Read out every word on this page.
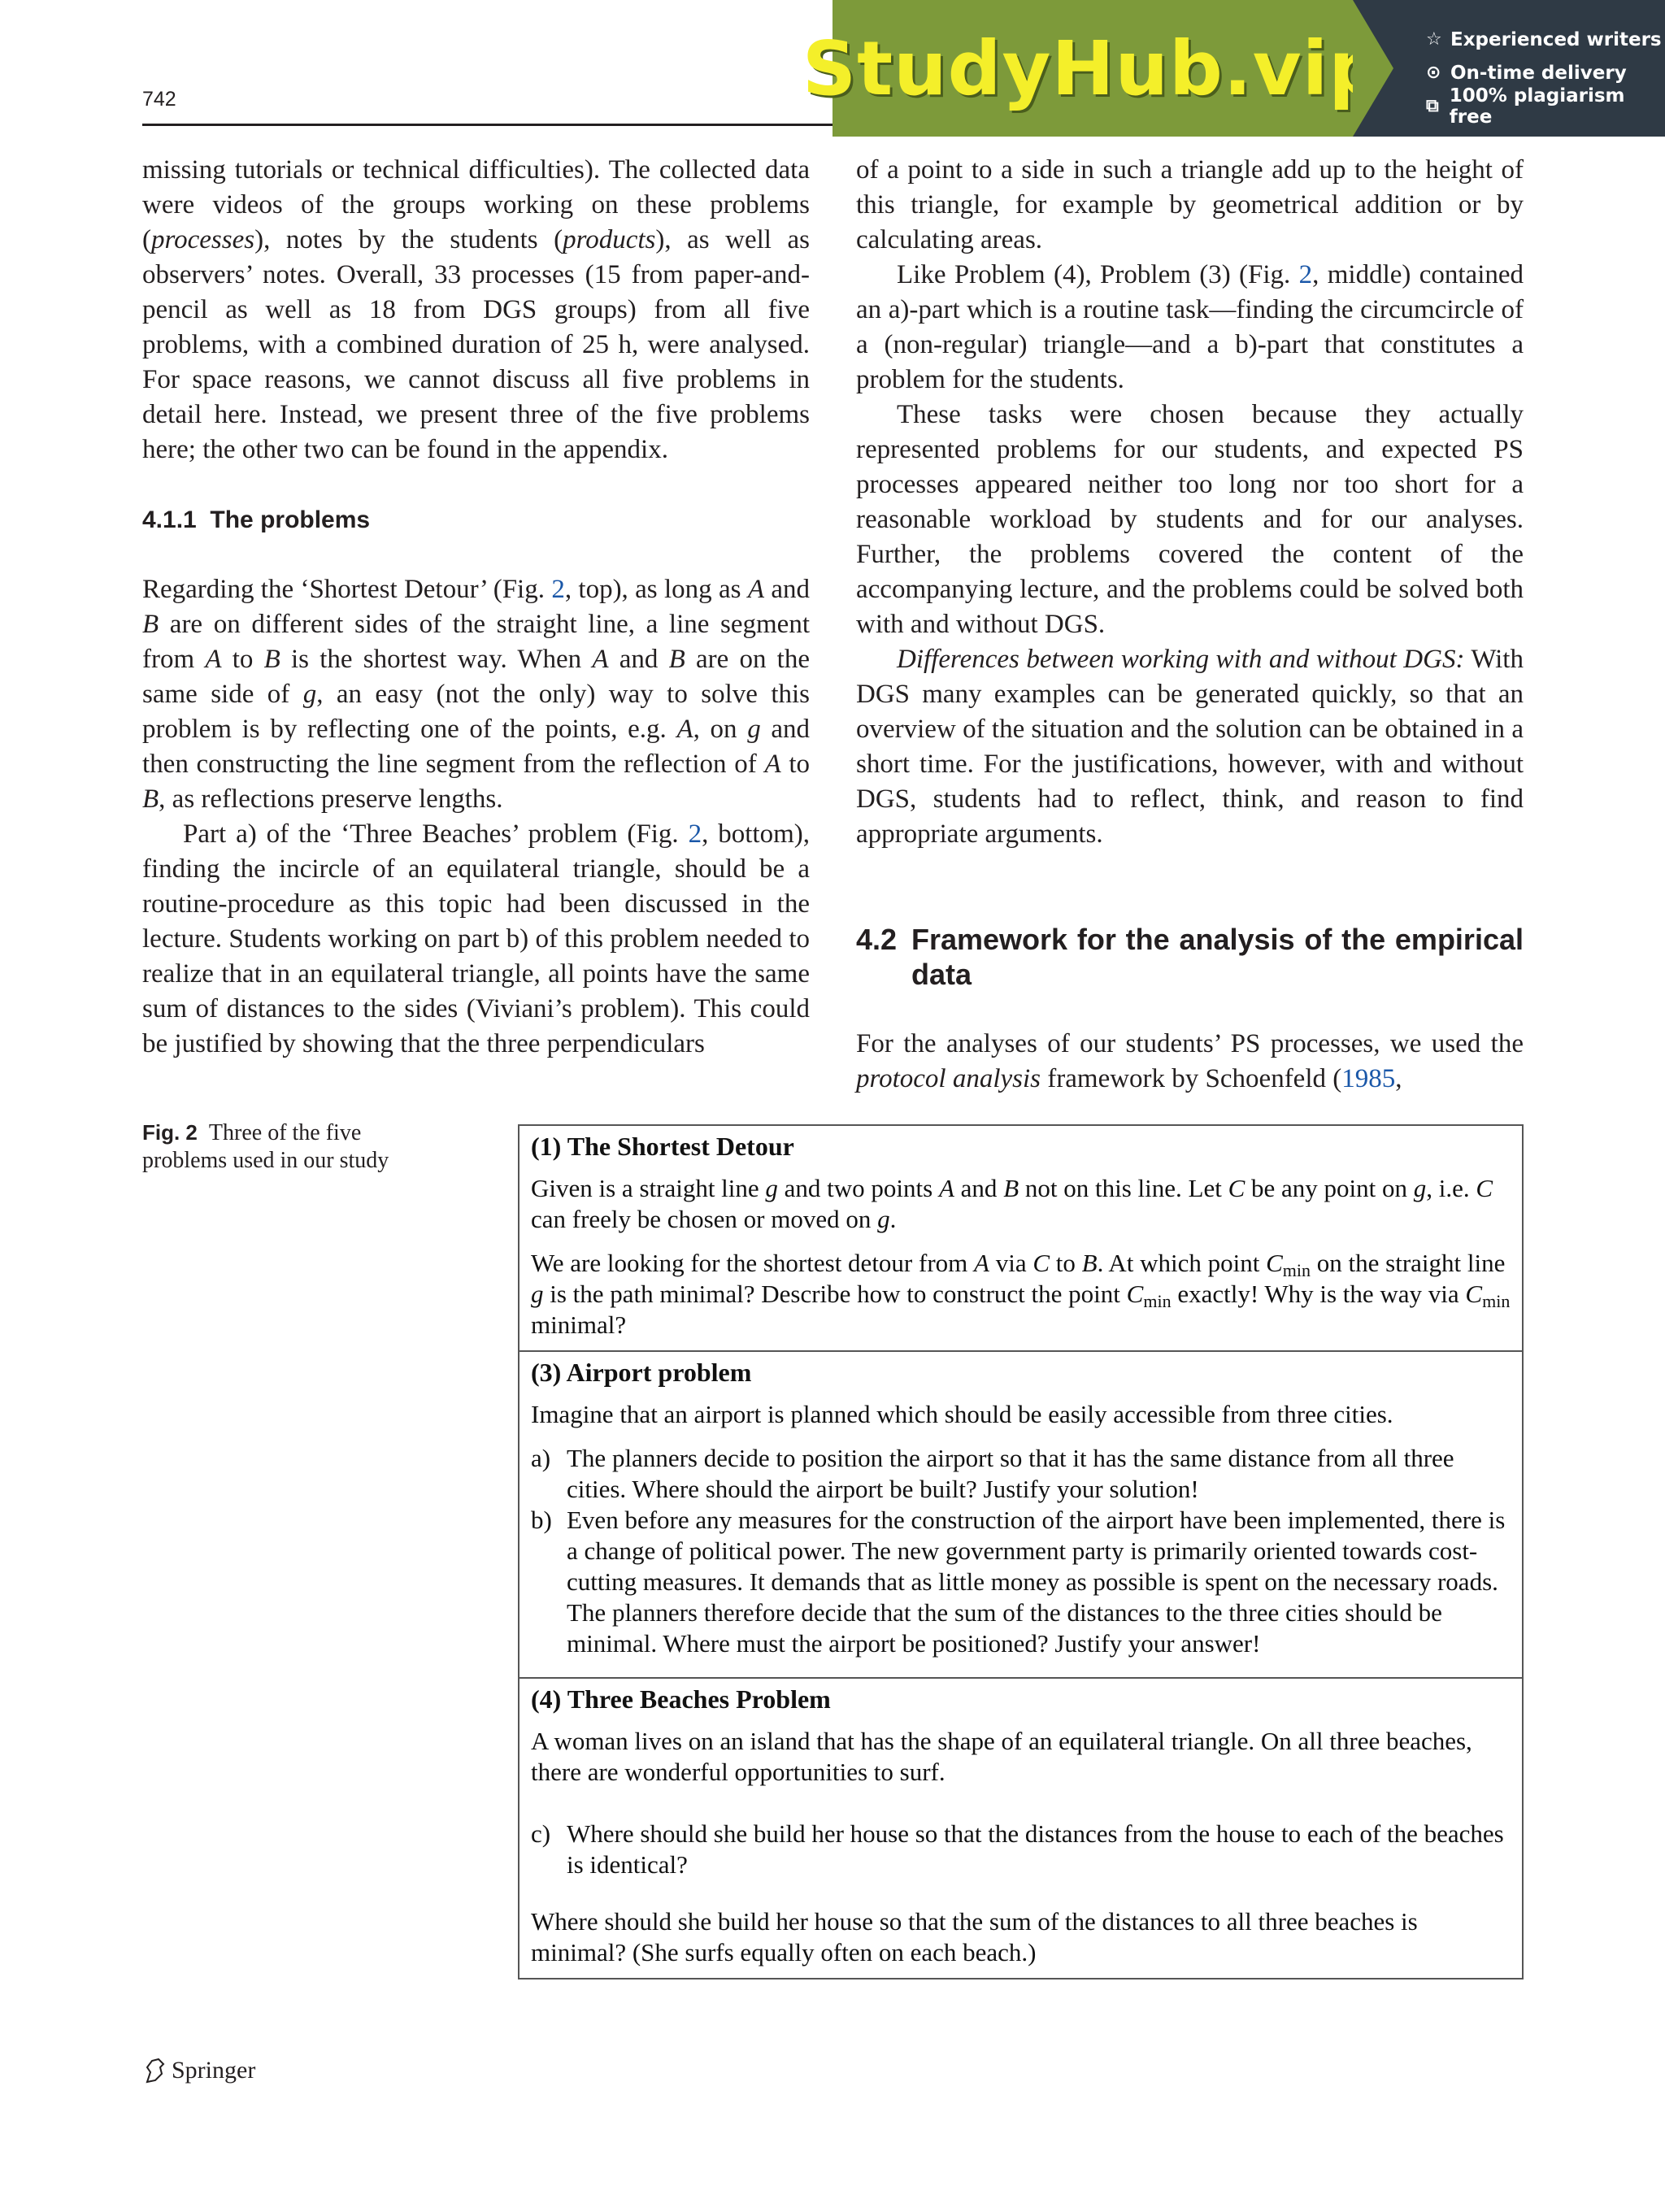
742	StudyHub.vip ☆ Experienced writers
⊙ On-time delivery
⧉ 100% plagiarism free

missing tutorials or technical difficulties). The collected data were videos of the groups working on these problems (processes), notes by the students (products), as well as observers’ notes. Overall, 33 processes (15 from paper-and-pencil as well as 18 from DGS groups) from all five problems, with a combined duration of 25 h, were analysed. For space reasons, we cannot discuss all five problems in detail here. Instead, we present three of the five problems here; the other two can be found in the appendix.

4.1.1 The problems

Regarding the ‘Shortest Detour’ (Fig. 2, top), as long as A and B are on different sides of the straight line, a line segment from A to B is the shortest way. When A and B are on the same side of g, an easy (not the only) way to solve this problem is by reflecting one of the points, e.g. A, on g and then constructing the line segment from the reflection of A to B, as reflections preserve lengths.

Part a) of the ‘Three Beaches’ problem (Fig. 2, bottom), finding the incircle of an equilateral triangle, should be a routine-procedure as this topic had been discussed in the lecture. Students working on part b) of this problem needed to realize that in an equilateral triangle, all points have the same sum of distances to the sides (Viviani’s problem). This could be justified by showing that the three perpendiculars

of a point to a side in such a triangle add up to the height of this triangle, for example by geometrical addition or by calculating areas.

Like Problem (4), Problem (3) (Fig. 2, middle) contained an a)-part which is a routine task—finding the circumcircle of a (non-regular) triangle—and a b)-part that constitutes a problem for the students.

These tasks were chosen because they actually represented problems for our students, and expected PS processes appeared neither too long nor too short for a reasonable workload by students and for our analyses. Further, the problems covered the content of the accompanying lecture, and the problems could be solved both with and without DGS.

Differences between working with and without DGS: With DGS many examples can be generated quickly, so that an overview of the situation and the solution can be obtained in a short time. For the justifications, however, with and without DGS, students had to reflect, think, and reason to find appropriate arguments.

4.2 Framework for the analysis of the empirical data

For the analyses of our students’ PS processes, we used the protocol analysis framework by Schoenfeld (1985,

Fig. 2 Three of the five problems used in our study	(1) The Shortest Detour

Given is a straight line g and two points A and B not on this line. Let C be any point on g, i.e. C can freely be chosen or moved on g.

We are looking for the shortest detour from A via C to B. At which point $C_{min}$ on the straight line g is the path minimal? Describe how to construct the point $C_{min}$ exactly! Why is the way via $C_{min}$ minimal?

(3) Airport problem

Imagine that an airport is planned which should be easily accessible from three cities.

a) The planners decide to position the airport so that it has the same distance from all three cities. Where should the airport be built? Justify your solution!
b) Even before any measures for the construction of the airport have been implemented, there is a change of political power. The new government party is primarily oriented towards cost-cutting measures. It demands that as little money as possible is spent on the necessary roads. The planners therefore decide that the sum of the distances to the three cities should be minimal. Where must the airport be positioned? Justify your answer!
(4) Three Beaches Problem

A woman lives on an island that has the shape of an equilateral triangle. On all three beaches, there are wonderful opportunities to surf.

c) Where should she build her house so that the distances from the house to each of the beaches is identical?

Where should she build her house so that the sum of the distances to all three beaches is minimal? (She surfs equally often on each beach.)

Springer
